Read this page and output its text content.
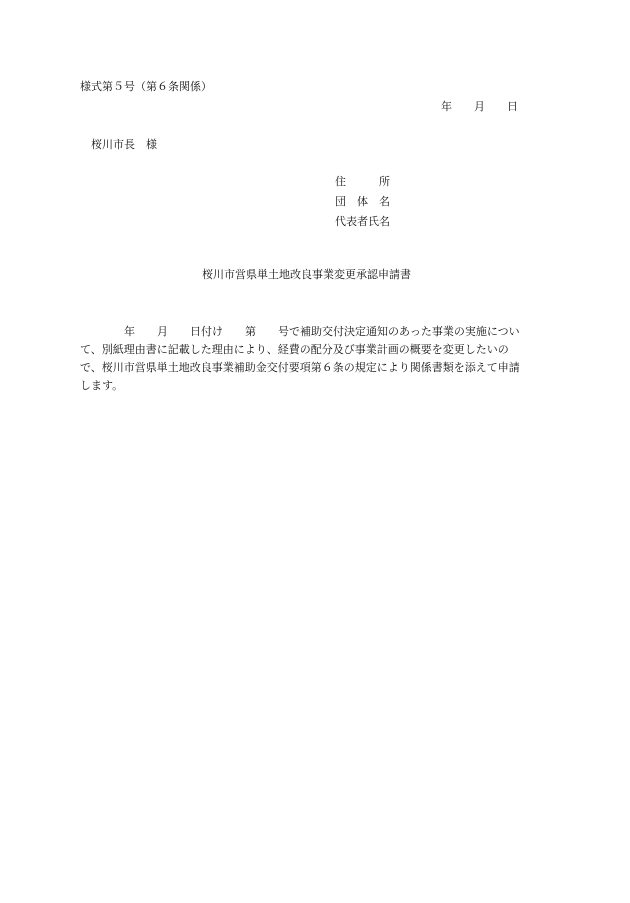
様式第５号（第６条関係）
年 月 日
桜川市長　様
住　　　所
団　体　名
代表者氏名
桜川市営県単土地改良事業変更承認申請書
年 月 日付け 第 号で補助交付決定通知のあった事業の実施につい
て、別紙理由書に記載した理由により、経費の配分及び事業計画の概要を変更したいの
で、桜川市営県単土地改良事業補助金交付要項第６条の規定により関係書類を添えて申請
します。
